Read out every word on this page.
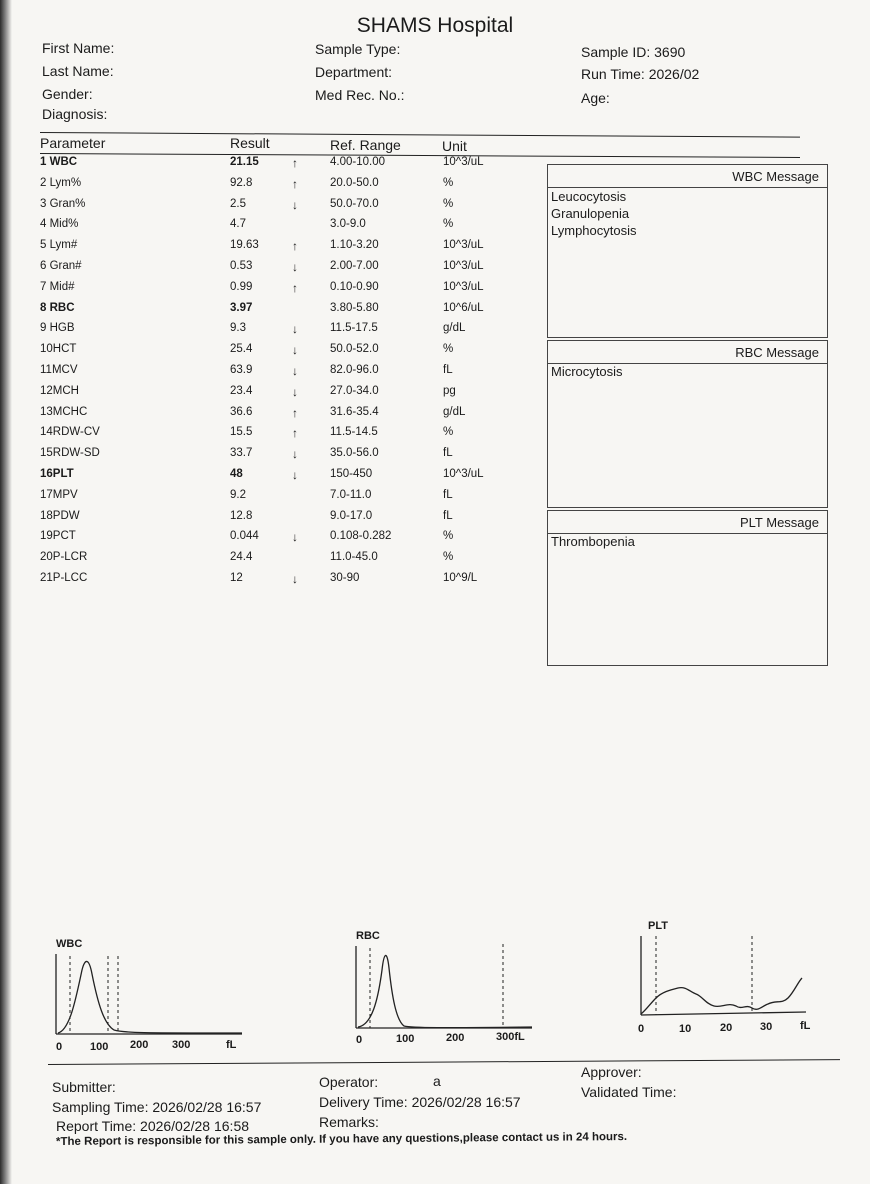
SHAMS Hospital
First Name:
Last Name:
Gender:
Diagnosis:
Sample Type:
Department:
Med Rec. No.:
Sample ID: 3690
Run Time: 2026/02
Age:
Parameter	Result	Ref. Range	Unit
1 WBC	21.15	↑	4.00-10.00	10^3/uL
2 Lym%	92.8	↑	20.0-50.0	%
3 Gran%	2.5	↓	50.0-70.0	%
4 Mid%	4.7	3.0-9.0	%
5 Lym#	19.63	↑	1.10-3.20	10^3/uL
6 Gran#	0.53	↓	2.00-7.00	10^3/uL
7 Mid#	0.99	↑	0.10-0.90	10^3/uL
8 RBC	3.97	3.80-5.80	10^6/uL
9 HGB	9.3	↓	11.5-17.5	g/dL
10HCT	25.4	↓	50.0-52.0	%
11MCV	63.9	↓	82.0-96.0	fL
12MCH	23.4	↓	27.0-34.0	pg
13MCHC	36.6	↑	31.6-35.4	g/dL
14RDW-CV	15.5	↑	11.5-14.5	%
15RDW-SD	33.7	↓	35.0-56.0	fL
16PLT	48	↓	150-450	10^3/uL
17MPV	9.2	7.0-11.0	fL
18PDW	12.8	9.0-17.0	fL
19PCT	0.044	↓	0.108-0.282	%
20P-LCR	24.4	11.0-45.0	%
21P-LCC	12	↓	30-90	10^9/L
WBC Message
Leucocytosis
Granulopenia
Lymphocytosis
RBC Message
Microcytosis
PLT Message
Thrombopenia
WBC
0	100 200 300	fL
RBC
0	100	200	300fL
PLT
0	10	20	30	fL
Submitter:
Sampling Time: 2026/02/28 16:57
Report Time: 2026/02/28 16:58
Operator:	a
Delivery Time: 2026/02/28 16:57
Remarks:
Approver:
Validated Time:
*The Report is responsible for this sample only. If you have any questions,please contact us in 24 hours.
